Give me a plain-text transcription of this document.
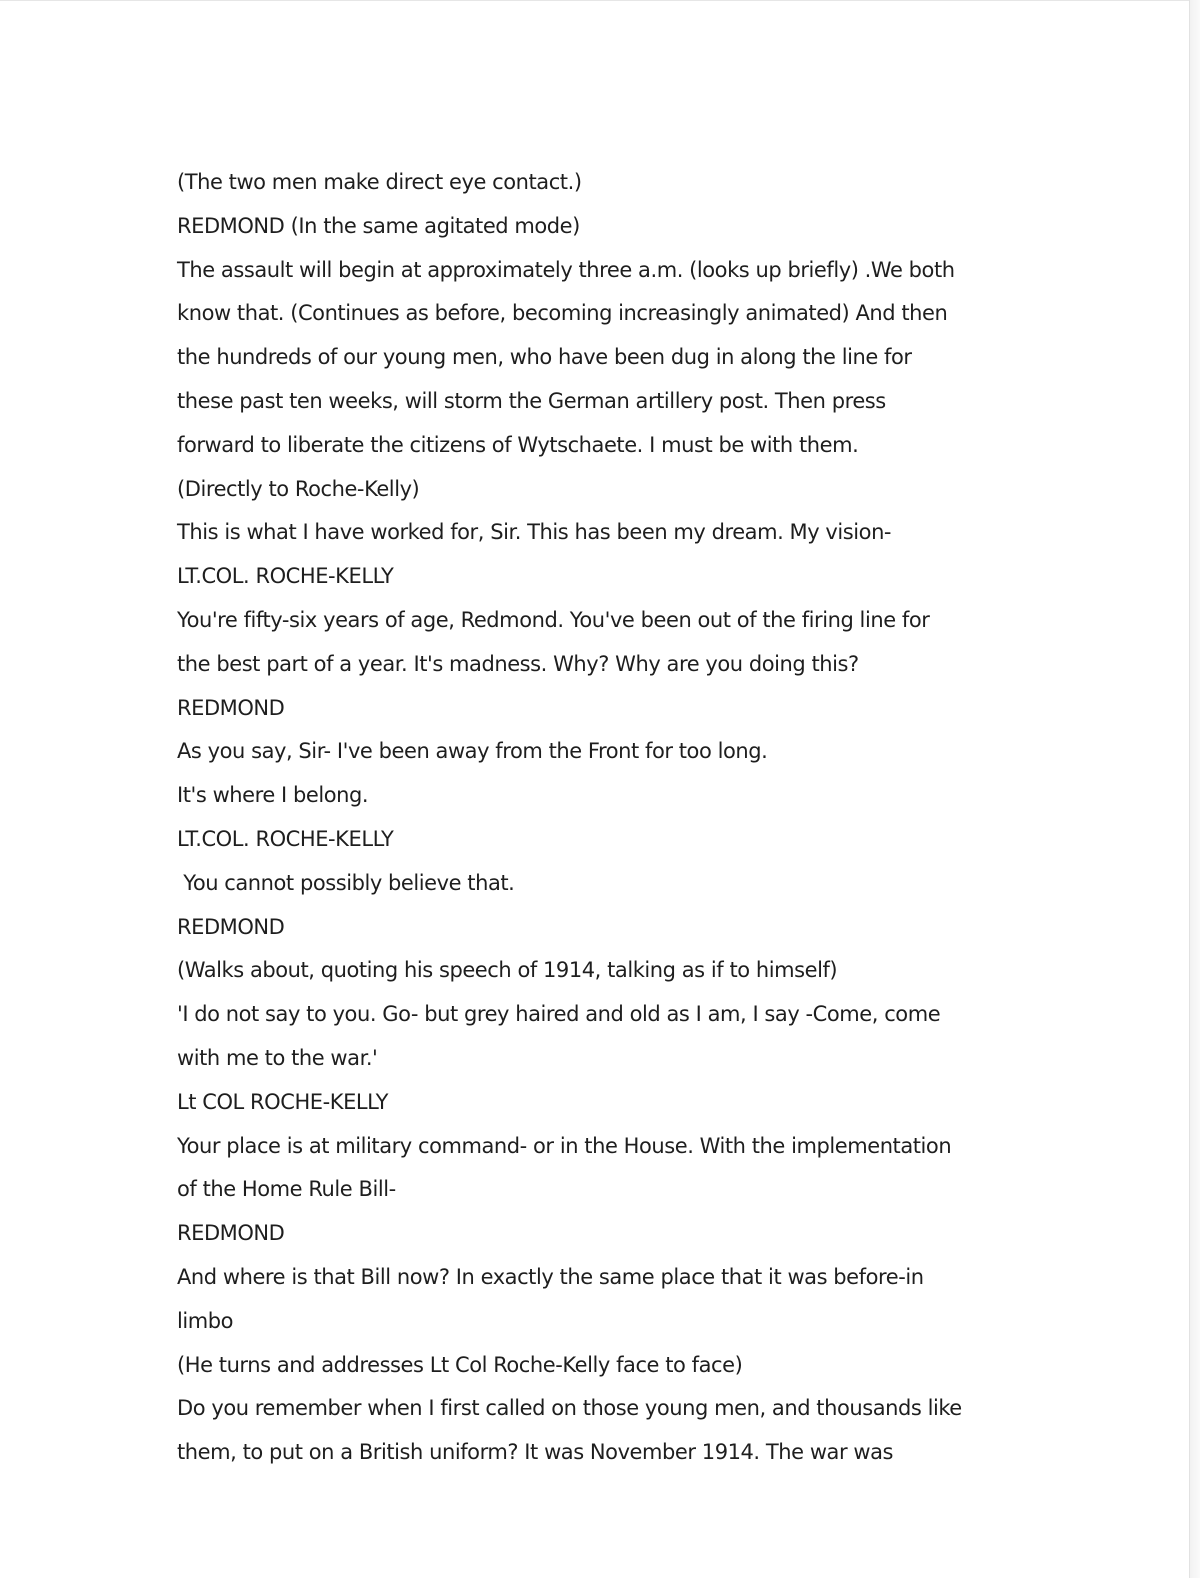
(The two men make direct eye contact.)
REDMOND (In the same agitated mode)
The assault will begin at approximately three a.m. (looks up briefly) .We both
know that. (Continues as before, becoming increasingly animated) And then
the hundreds of our young men, who have been dug in along the line for
these past ten weeks, will storm the German artillery post. Then press
forward to liberate the citizens of Wytschaete. I must be with them.
(Directly to Roche-Kelly)
This is what I have worked for, Sir. This has been my dream. My vision-
LT.COL. ROCHE-KELLY
You're fifty-six years of age, Redmond. You've been out of the firing line for
the best part of a year. It's madness. Why? Why are you doing this?
REDMOND
As you say, Sir- I've been away from the Front for too long.
It's where I belong.
LT.COL. ROCHE-KELLY
You cannot possibly believe that.
REDMOND
(Walks about, quoting his speech of 1914, talking as if to himself)
'I do not say to you. Go- but grey haired and old as I am, I say -Come, come
with me to the war.'
Lt COL ROCHE-KELLY
Your place is at military command- or in the House. With the implementation
of the Home Rule Bill-
REDMOND
And where is that Bill now? In exactly the same place that it was before-in
limbo
(He turns and addresses Lt Col Roche-Kelly face to face)
Do you remember when I first called on those young men, and thousands like
them, to put on a British uniform? It was November 1914. The war was
